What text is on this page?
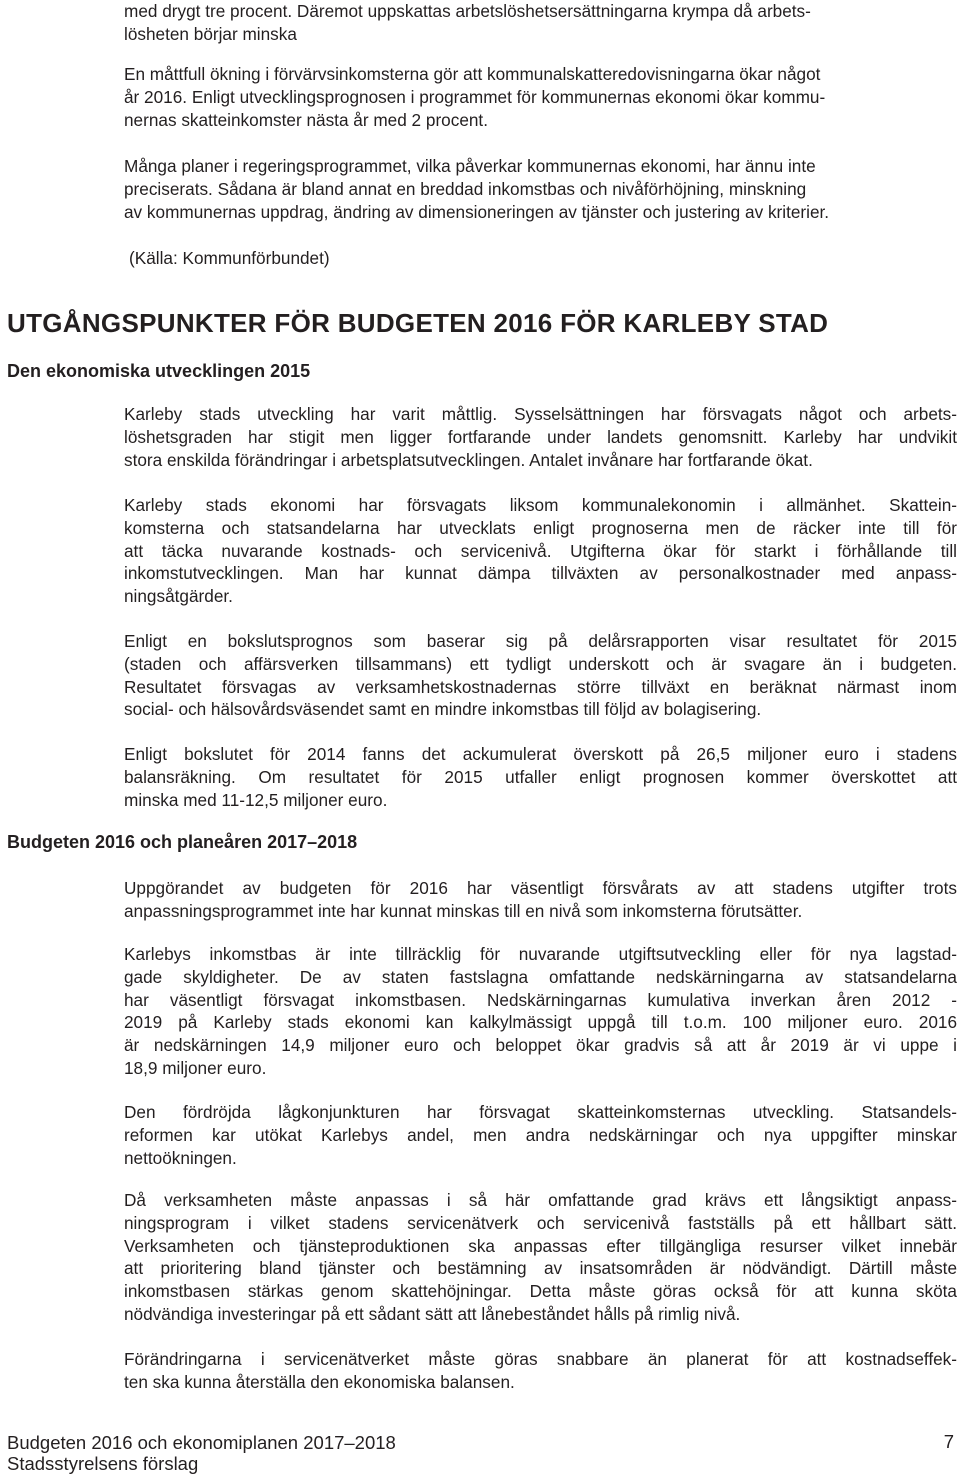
med drygt tre procent. Däremot uppskattas arbetslöshetsersättningarna krympa då arbets-
lösheten börjar minska
En måttfull ökning i förvärvsinkomsterna gör att kommunalskatteredovisningarna ökar något
år 2016. Enligt utvecklingsprognosen i programmet för kommunernas ekonomi ökar kommu-
nernas skatteinkomster nästa år med 2 procent.
Många planer i regeringsprogrammet, vilka påverkar kommunernas ekonomi, har ännu inte
preciserats. Sådana är bland annat en breddad inkomstbas och nivåförhöjning, minskning
av kommunernas uppdrag, ändring av dimensioneringen av tjänster och justering av kriterier.
(Källa: Kommunförbundet)
UTGÅNGSPUNKTER FÖR BUDGETEN 2016 FÖR KARLEBY STAD
Den ekonomiska utvecklingen 2015
Karleby stads utveckling har varit måttlig. Sysselsättningen har försvagats något och arbets-
löshetsgraden har stigit men ligger fortfarande under landets genomsnitt. Karleby har undvikit
stora enskilda förändringar i arbetsplatsutvecklingen. Antalet invånare har fortfarande ökat.
Karleby stads ekonomi har försvagats liksom kommunalekonomin i allmänhet. Skattein-
komsterna och statsandelarna har utvecklats enligt prognoserna men de räcker inte till för
att täcka nuvarande kostnads- och servicenivå. Utgifterna ökar för starkt i förhållande till
inkomstutvecklingen. Man har kunnat dämpa tillväxten av personalkostnader med anpass-
ningsåtgärder.
Enligt en bokslutsprognos som baserar sig på delårsrapporten visar resultatet för 2015
(staden och affärsverken tillsammans) ett tydligt underskott och är svagare än i budgeten.
Resultatet försvagas av verksamhetskostnadernas större tillväxt en beräknat närmast inom
social- och hälsovårdsväsendet samt en mindre inkomstbas till följd av bolagisering.
Enligt bokslutet för 2014 fanns det ackumulerat överskott på 26,5 miljoner euro i stadens
balansräkning. Om resultatet för 2015 utfaller enligt prognosen kommer överskottet att
minska med 11-12,5 miljoner euro.
Budgeten 2016 och planeåren 2017–2018
Uppgörandet av budgeten för 2016 har väsentligt försvårats av att stadens utgifter trots
anpassningsprogrammet inte har kunnat minskas till en nivå som inkomsterna förutsätter.
Karlebys inkomstbas är inte tillräcklig för nuvarande utgiftsutveckling eller för nya lagstad-
gade skyldigheter. De av staten fastslagna omfattande nedskärningarna av statsandelarna
har väsentligt försvagat inkomstbasen. Nedskärningarnas kumulativa inverkan åren 2012 -
2019 på Karleby stads ekonomi kan kalkylmässigt uppgå till t.o.m. 100 miljoner euro. 2016
är nedskärningen 14,9 miljoner euro och beloppet ökar gradvis så att år 2019 är vi uppe i
18,9 miljoner euro.
Den fördröjda lågkonjunkturen har försvagat skatteinkomsternas utveckling. Statsandels-
reformen kar utökat Karlebys andel, men andra nedskärningar och nya uppgifter minskar
nettoökningen.
Då verksamheten måste anpassas i så här omfattande grad krävs ett långsiktigt anpass-
ningsprogram i vilket stadens servicenätverk och servicenivå fastställs på ett hållbart sätt.
Verksamheten och tjänsteproduktionen ska anpassas efter tillgängliga resurser vilket innebär
att prioritering bland tjänster och bestämning av insatsområden är nödvändigt. Därtill måste
inkomstbasen stärkas genom skattehöjningar. Detta måste göras också för att kunna sköta
nödvändiga investeringar på ett sådant sätt att lånebeståndet hålls på rimlig nivå.
Förändringarna i servicenätverket måste göras snabbare än planerat för att kostnadseffek-
ten ska kunna återställa den ekonomiska balansen.
Budgeten 2016 och ekonomiplanen 2017–2018
Stadsstyrelsens förslag
7
